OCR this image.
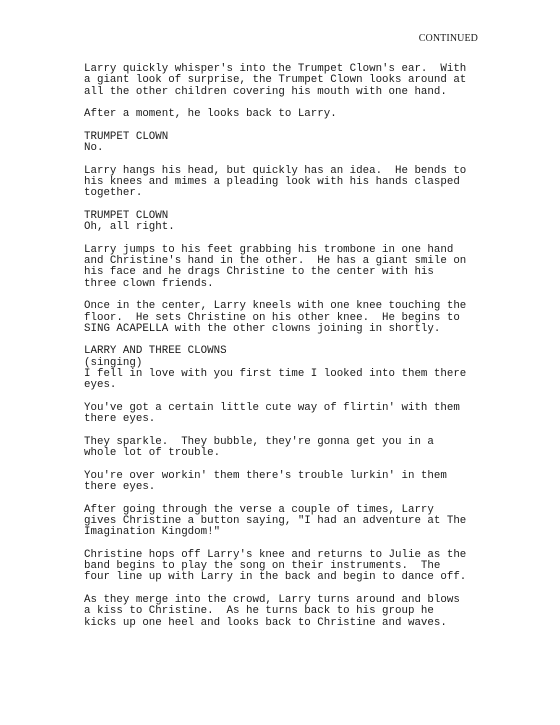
CONTINUED
Larry quickly whisper's into the Trumpet Clown's ear.  With
a giant look of surprise, the Trumpet Clown looks around at
all the other children covering his mouth with one hand.
After a moment, he looks back to Larry.
TRUMPET CLOWN
No.
Larry hangs his head, but quickly has an idea.  He bends to
his knees and mimes a pleading look with his hands clasped
together.
TRUMPET CLOWN
Oh, all right.
Larry jumps to his feet grabbing his trombone in one hand
and Christine's hand in the other.  He has a giant smile on
his face and he drags Christine to the center with his
three clown friends.
Once in the center, Larry kneels with one knee touching the
floor.  He sets Christine on his other knee.  He begins to
SING ACAPELLA with the other clowns joining in shortly.
LARRY AND THREE CLOWNS
(singing)
I fell in love with you first time I looked into them there
eyes.
You've got a certain little cute way of flirtin' with them
there eyes.
They sparkle.  They bubble, they're gonna get you in a
whole lot of trouble.
You're over workin' them there's trouble lurkin' in them
there eyes.
After going through the verse a couple of times, Larry
gives Christine a button saying, "I had an adventure at The
Imagination Kingdom!"
Christine hops off Larry's knee and returns to Julie as the
band begins to play the song on their instruments.  The
four line up with Larry in the back and begin to dance off.
As they merge into the crowd, Larry turns around and blows
a kiss to Christine.  As he turns back to his group he
kicks up one heel and looks back to Christine and waves.
